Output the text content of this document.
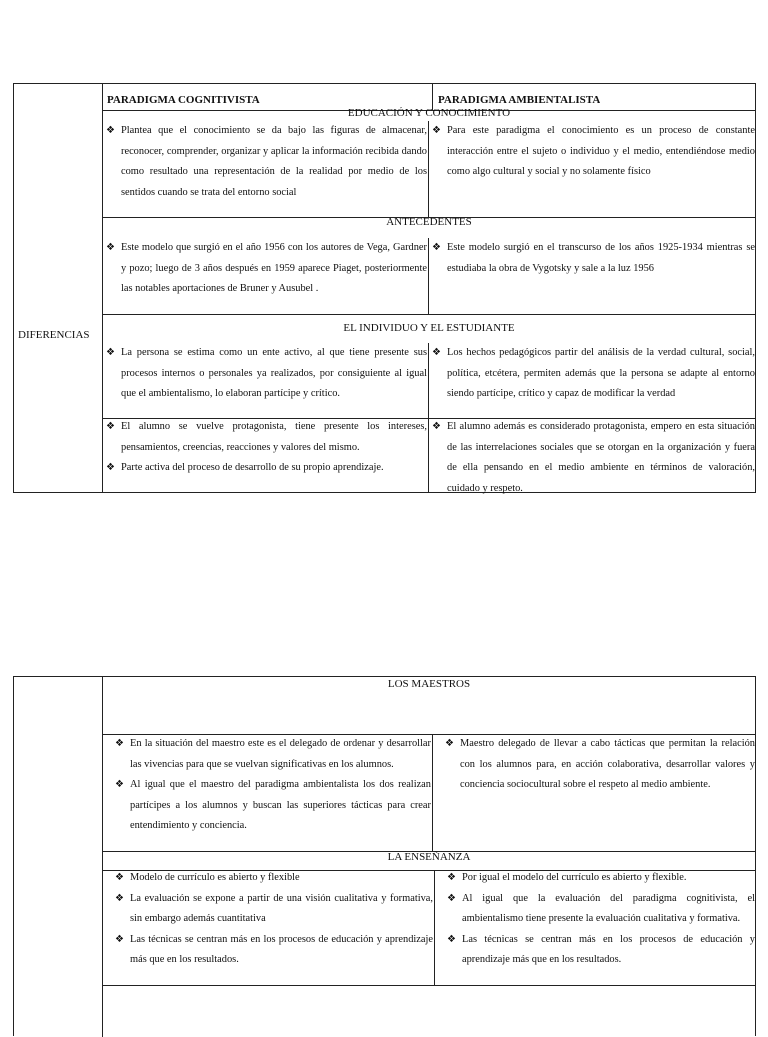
PARADIGMA COGNITIVISTA	PARADIGMA AMBIENTALISTA
DIFERENCIAS
EDUCACIÓN Y CONOCIMIENTO
❖ Plantea que el conocimiento se da bajo las figuras de almacenar, reconocer, comprender, organizar y aplicar la información recibida dando como resultado una representación de la realidad por medio de los sentidos cuando se trata del entorno social
❖ Para este paradigma el conocimiento es un proceso de constante interacción entre el sujeto o individuo y el medio, entendiéndose medio como algo cultural y social y no solamente físico
ANTECEDENTES
❖ Este modelo que surgió en el año 1956 con los autores de Vega, Gardner y pozo; luego de 3 años después en 1959 aparece Piaget, posteriormente las notables aportaciones de Bruner y Ausubel .
❖ Este modelo surgió en el transcurso de los años 1925-1934 mientras se estudiaba la obra de Vygotsky y sale a la luz 1956
EL INDIVIDUO Y EL ESTUDIANTE
❖ La persona se estima como un ente activo, al que tiene presente sus procesos internos o personales ya realizados, por consiguiente al igual que el ambientalismo, lo elaboran partícipe y crítico.
❖ Los hechos pedagógicos partir del análisis de la verdad cultural, social, política, etcétera, permiten además que la persona se adapte al entorno siendo partícipe, crítico y capaz de modificar la verdad
❖ El alumno se vuelve protagonista, tiene presente los intereses, pensamientos, creencias, reacciones y valores del mismo.
❖ Parte activa del proceso de desarrollo de su propio aprendizaje.
❖ El alumno además es considerado protagonista, empero en esta situación de las interrelaciones sociales que se otorgan en la organización y fuera de ella pensando en el medio ambiente en términos de valoración, cuidado y respeto.
LOS MAESTROS
❖ En la situación del maestro este es el delegado de ordenar y desarrollar las vivencias para que se vuelvan significativas en los alumnos.
❖ Al igual que el maestro del paradigma ambientalista los dos realizan partícipes a los alumnos y buscan las superiores tácticas para crear entendimiento y conciencia.
❖ Maestro delegado de llevar a cabo tácticas que permitan la relación con los alumnos para, en acción colaborativa, desarrollar valores y conciencia sociocultural sobre el respeto al medio ambiente.
LA ENSEÑANZA
❖ Modelo de currículo es abierto y flexible
❖ La evaluación se expone a partir de una visión cualitativa y formativa, sin embargo además cuantitativa
❖ Las técnicas se centran más en los procesos de educación y aprendizaje más que en los resultados.
❖ Por igual el modelo del currículo es abierto y flexible.
❖ Al igual que la evaluación del paradigma cognitivista, el ambientalismo tiene presente la evaluación cualitativa y formativa.
❖ Las técnicas se centran más en los procesos de educación y aprendizaje más que en los resultados.
